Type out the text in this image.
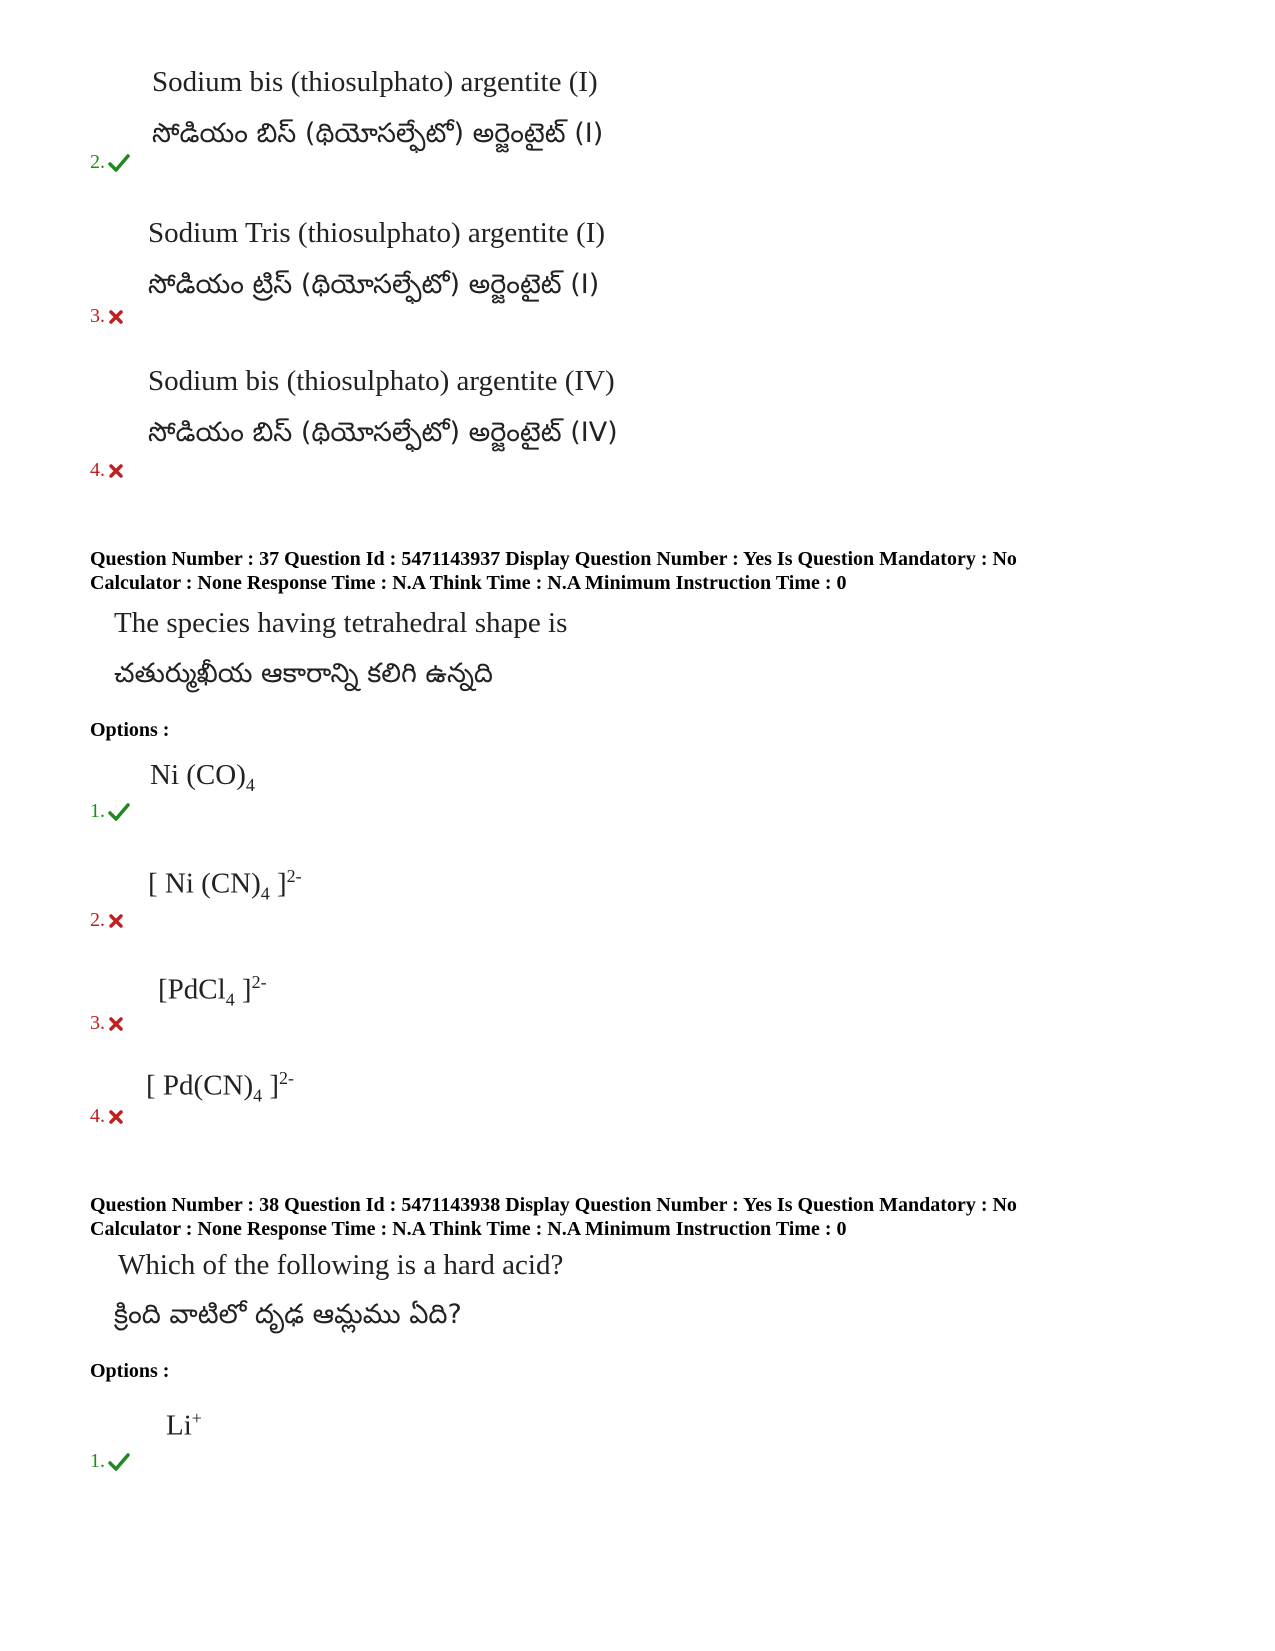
Sodium bis (thiosulphato) argentite (I)
సోడియం బిస్ (థియోసల్ఫేటో) అర్జెంటైట్ (I)
2.
Sodium Tris (thiosulphato) argentite (I)
సోడియం ట్రిస్ (థియోసల్ఫేటో) అర్జెంటైట్ (I)
3.
Sodium bis (thiosulphato) argentite (IV)
సోడియం బిస్ (థియోసల్ఫేటో) అర్జెంటైట్ (IV)
4.
Question Number : 37 Question Id : 5471143937 Display Question Number : Yes Is Question Mandatory : No
Calculator : None Response Time : N.A Think Time : N.A Minimum Instruction Time : 0
The species having tetrahedral shape is
చతుర్ముఖీయ ఆకారాన్ని కలిగి ఉన్నది
Options :
Ni $(CO)_4$
1.
[ Ni $(CN)_4$ ]$^{2-}$
2.
[PdCl$_4$ ]$^{2-}$
3.
[ $Pd(CN)_4$ ]$^{2-}$
4.
Question Number : 38 Question Id : 5471143938 Display Question Number : Yes Is Question Mandatory : No
Calculator : None Response Time : N.A Think Time : N.A Minimum Instruction Time : 0
Which of the following is a hard acid?
క్రింది వాటిలో దృఢ ఆమ్లము ఏది?
Options :
Li+
1.
